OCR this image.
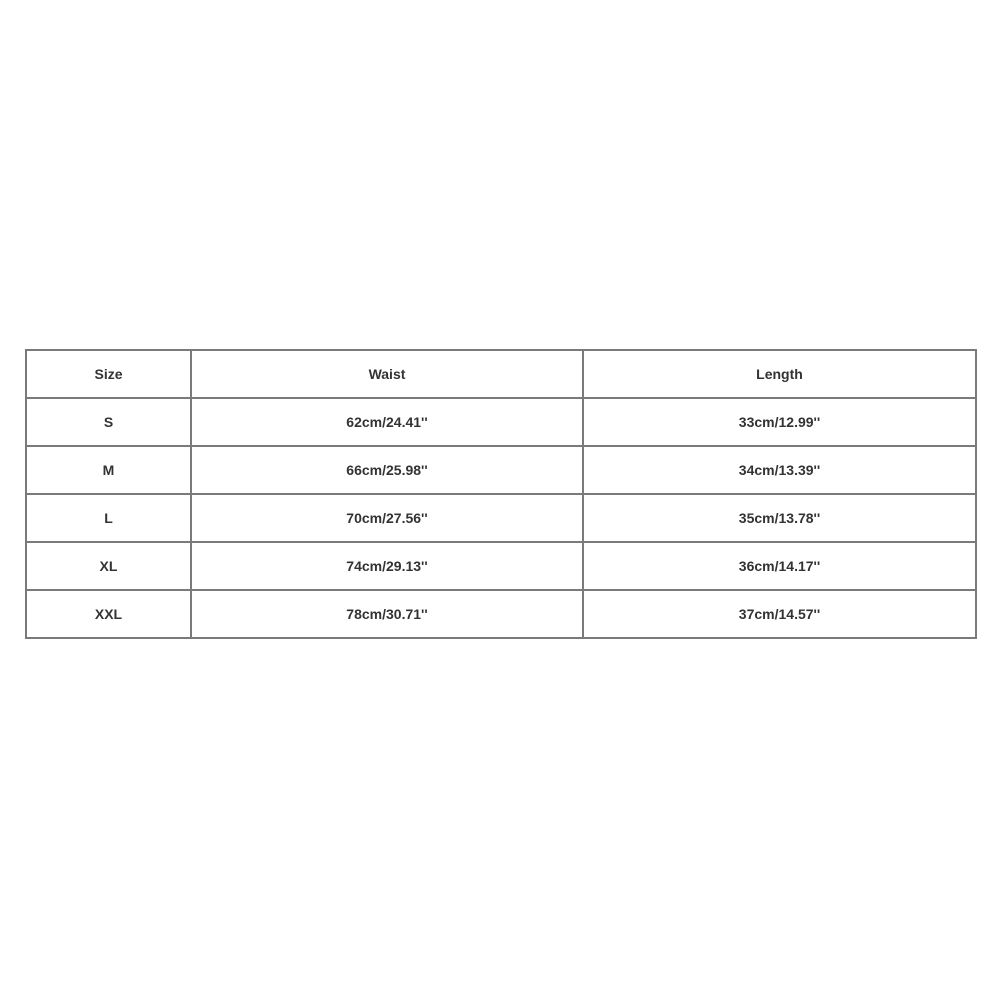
Size	Waist	Length
S	62cm/24.41''	33cm/12.99''
M	66cm/25.98''	34cm/13.39''
L	70cm/27.56''	35cm/13.78''
XL	74cm/29.13''	36cm/14.17''
XXL	78cm/30.71''	37cm/14.57''
